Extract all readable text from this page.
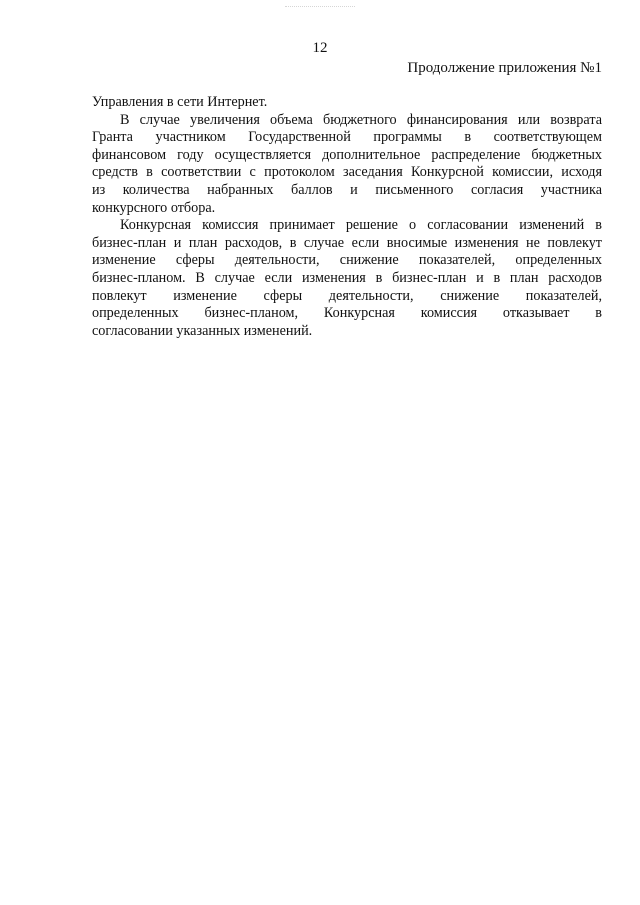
12
Продолжение приложения №1
Управления в сети Интернет.
В случае увеличения объема бюджетного финансирования или возврата
Гранта участником Государственной программы в соответствующем
финансовом году осуществляется дополнительное распределение бюджетных
средств в соответствии с протоколом заседания Конкурсной комиссии, исходя
из количества набранных баллов и письменного согласия участника
конкурсного отбора.
Конкурсная комиссия принимает решение о согласовании изменений в
бизнес-план и план расходов, в случае если вносимые изменения не повлекут
изменение сферы деятельности, снижение показателей, определенных
бизнес-планом. В случае если изменения в бизнес-план и в план расходов
повлекут изменение сферы деятельности, снижение показателей,
определенных бизнес-планом, Конкурсная комиссия отказывает в
согласовании указанных изменений.
